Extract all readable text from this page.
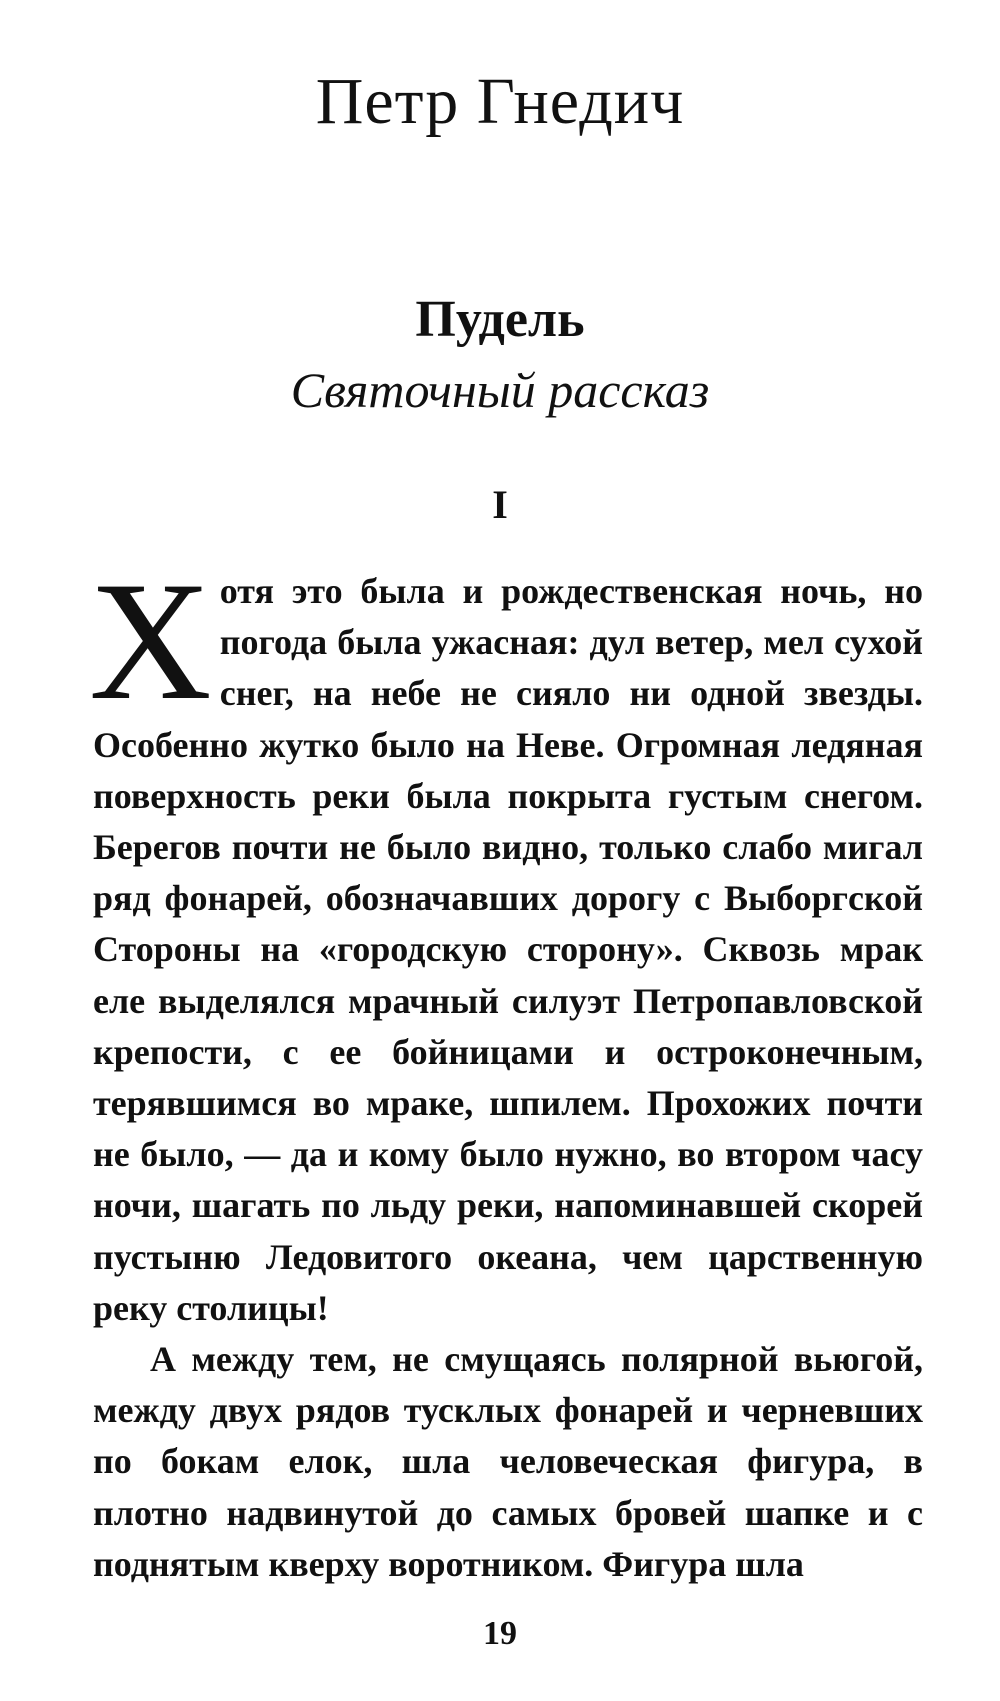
Петр Гнедич
Пудель
Святочный рассказ
I

Хотя это была и рождественская ночь, но погода была ужасная: дул ветер, мел сухой снег, на небе не сияло ни одной звезды. Особенно жутко было на Неве. Огромная ледяная поверхность реки была покрыта густым снегом. Берегов почти не было видно, только слабо мигал ряд фонарей, обозначавших дорогу с Выборгской Стороны на «городскую сторону». Сквозь мрак еле выделялся мрачный силуэт Петропавловской крепости, с ее бойницами и остроконечным, терявшимся во мраке, шпилем. Прохожих почти не было, — да и кому было нужно, во втором часу ночи, шагать по льду реки, напоминавшей скорей пустыню Ледовитого океана, чем царственную реку столицы!

А между тем, не смущаясь полярной вьюгой, между двух рядов тусклых фонарей и черневших по бокам елок, шла человеческая фигура, в плотно надвинутой до самых бровей шапке и с поднятым кверху воротником. Фигура шла

19
